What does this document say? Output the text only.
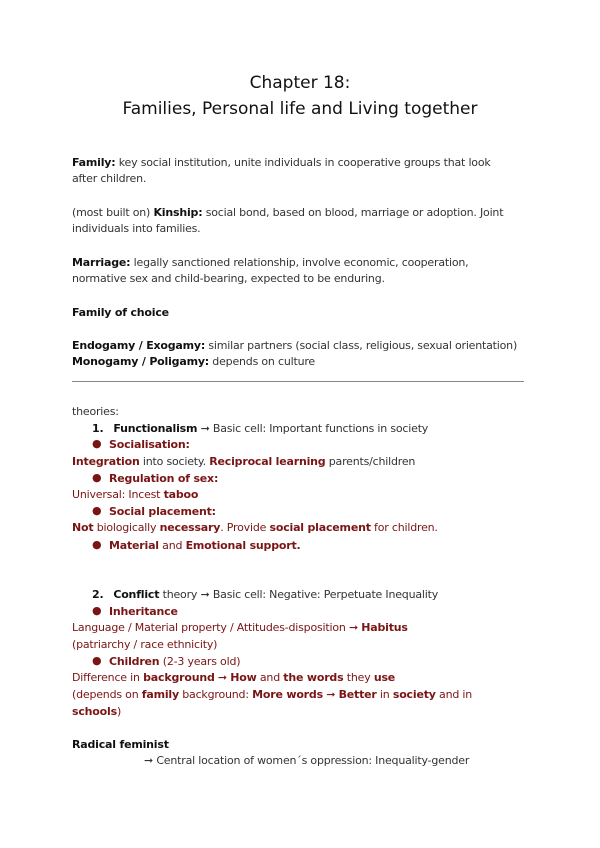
Chapter 18:
Families, Personal life and Living together
Family: key social institution, unite individuals in cooperative groups that look
after children.
(most built on) Kinship: social bond, based on blood, marriage or adoption. Joint
individuals into families.
Marriage: legally sanctioned relationship, involve economic, cooperation,
normative sex and child-bearing, expected to be enduring.
Family of choice
Endogamy / Exogamy: similar partners (social class, religious, sexual orientation)
Monogamy / Poligamy: depends on culture
theories:
1. Functionalism ➞ Basic cell: Important functions in society
● Socialisation:
Integration into society. Reciprocal learning parents/children
● Regulation of sex:
Universal: Incest taboo
● Social placement:
Not biologically necessary. Provide social placement for children.
● Material and Emotional support.
2. Conflict theory ➞ Basic cell: Negative: Perpetuate Inequality
● Inheritance
Language / Material property / Attitudes-disposition ➞ Habitus
(patriarchy / race ethnicity)
● Children (2-3 years old)
Difference in background ➞ How and the words they use
(depends on family background: More words ➞ Better in society and in
schools)
Radical feminist
➞ Central location of women´s oppression: Inequality-gender
